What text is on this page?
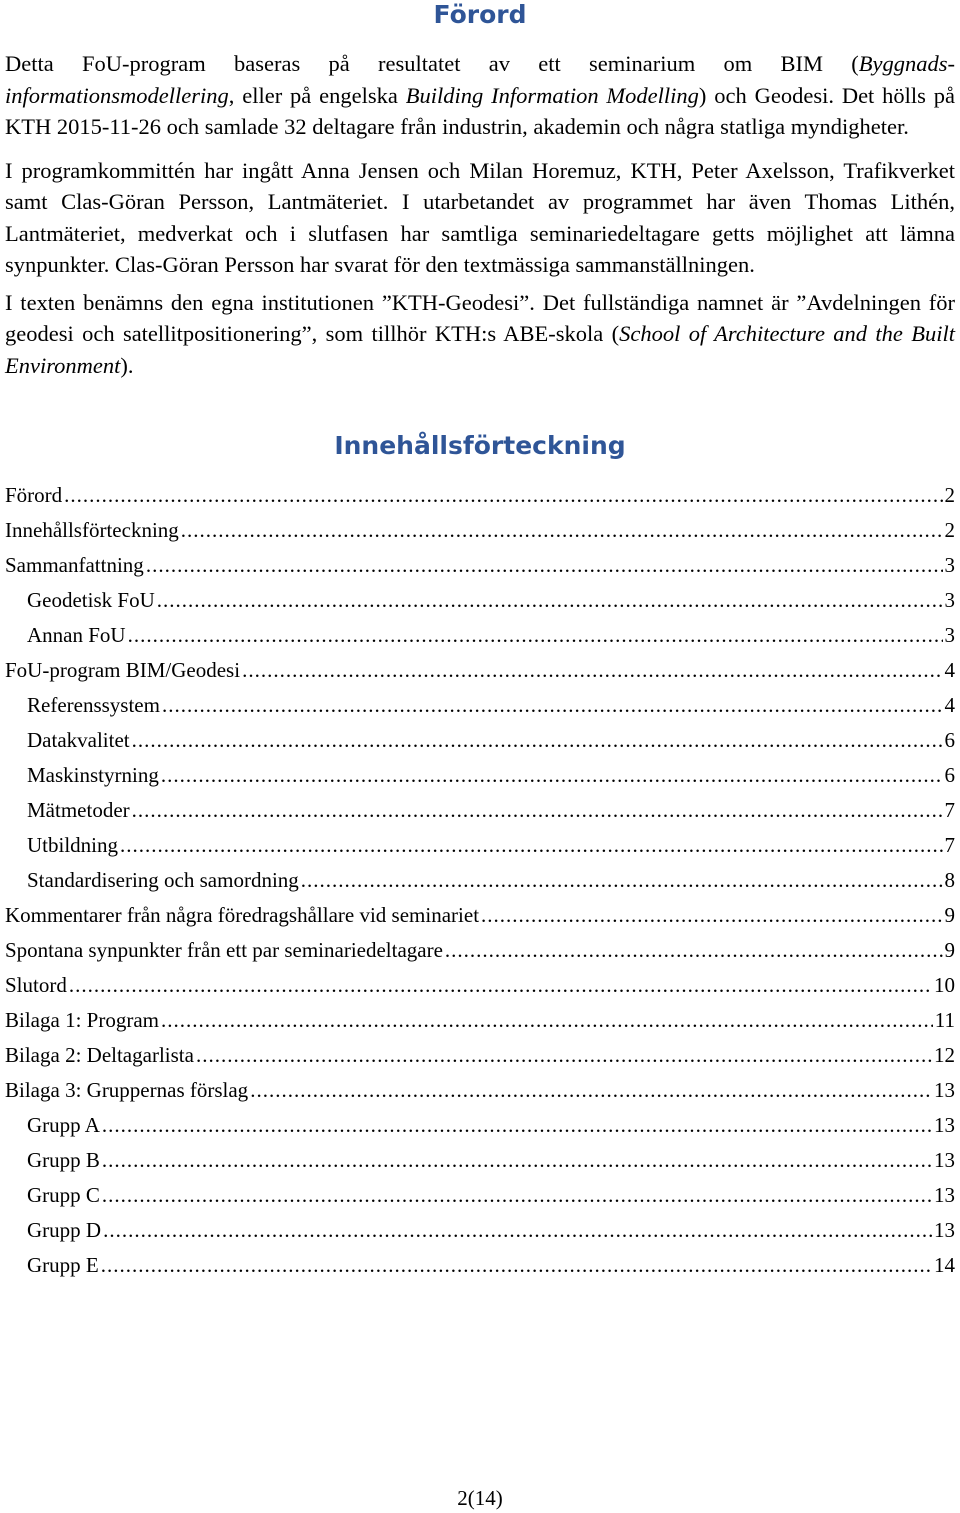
Förord

Detta FoU-program baseras på resultatet av ett seminarium om BIM (Byggnads-informationsmodellering, eller på engelska Building Information Modelling) och Geodesi. Det hölls på KTH 2015-11-26 och samlade 32 deltagare från industrin, akademin och några statliga myndigheter.

I programkommittén har ingått Anna Jensen och Milan Horemuz, KTH, Peter Axelsson, Trafikverket samt Clas-Göran Persson, Lantmäteriet. I utarbetandet av programmet har även Thomas Lithén, Lantmäteriet, medverkat och i slutfasen har samtliga seminariedeltagare getts möjlighet att lämna synpunkter. Clas-Göran Persson har svarat för den textmässiga sammanställningen.

I texten benämns den egna institutionen ”KTH-Geodesi”. Det fullständiga namnet är ”Avdelningen för geodesi och satellitpositionering”, som tillhör KTH:s ABE-skola (School of Architecture and the Built Environment).

Innehållsförteckning
Förord .....	2
Innehållsförteckning .....	2
Sammanfattning .....	3
Geodetisk FoU .....	3
Annan FoU .....	3
FoU-program BIM/Geodesi .....	4
Referenssystem .....	4
Datakvalitet .....	6
Maskinstyrning .....	6
Mätmetoder .....	7
Utbildning .....	7
Standardisering och samordning .....	8
Kommentarer från några föredragshållare vid seminariet .....	9
Spontana synpunkter från ett par seminariedeltagare .....	9
Slutord .....	10
Bilaga 1: Program .....	11
Bilaga 2: Deltagarlista .....	12
Bilaga 3: Gruppernas förslag .....	13
Grupp A .....	13
Grupp B .....	13
Grupp C .....	13
Grupp D .....	13
Grupp E .....	14
2(14)
